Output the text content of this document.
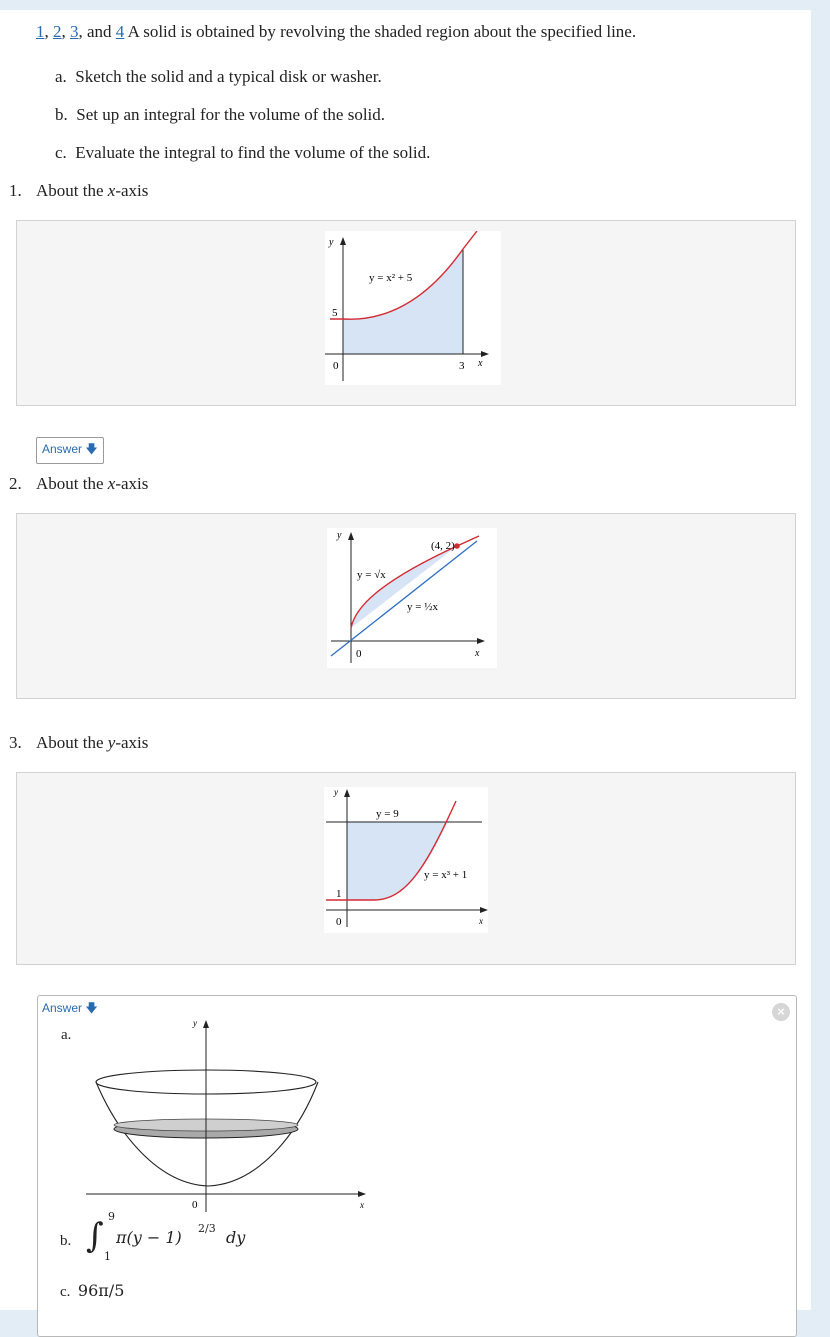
1, 2, 3, and 4 A solid is obtained by revolving the shaded region about the specified line.
a. Sketch the solid and a typical disk or washer.
b. Set up an integral for the volume of the solid.
c. Evaluate the integral to find the volume of the solid.
1. About the x-axis
y
x
y = x² + 5
5
0	3
Answer 🡇
2. About the x-axis
y
x
(4, 2)
y = √x
y = ½x
0
3. About the y-axis
y
x
y = 9
y = x³ + 1
1
0
Answer 🡇	×
a.
y
x
0
b. ∫ 9
1
π(y − 1) 2/3 dy
c. 96π/5
